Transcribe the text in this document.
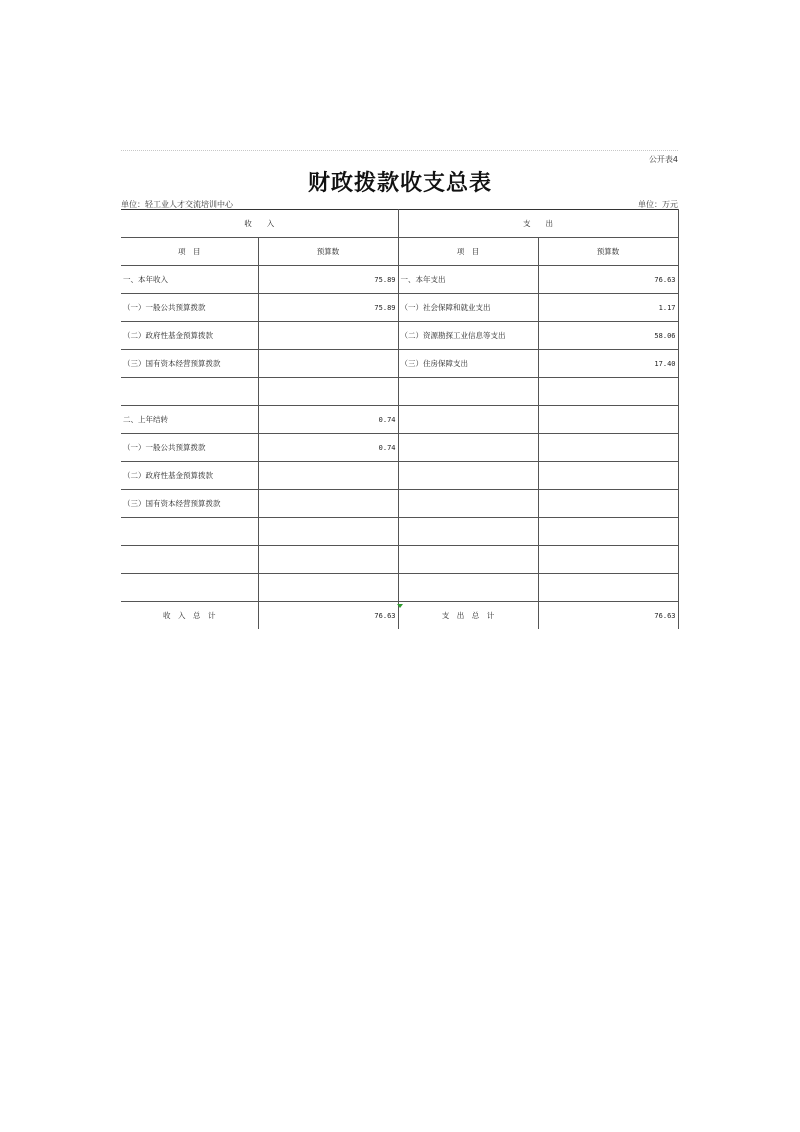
公开表4
财政拨款收支总表
单位：轻工业人才交流培训中心	单位：万元
收　　入		支　　出	
项　目	预算数	项　目	预算数
一、本年收入	75.89	一、本年支出	76.63
（一）一般公共预算拨款	75.89	（一）社会保障和就业支出	1.17
（二）政府性基金预算拨款		（二）资源勘探工业信息等支出	58.06
（三）国有资本经营预算拨款		（三）住房保障支出	17.40

二、上年结转	0.74		
（一）一般公共预算拨款	0.74		
（二）政府性基金预算拨款			
（三）国有资本经营预算拨款			

收　入　总　计	76.63	支　出　总　计	76.63
